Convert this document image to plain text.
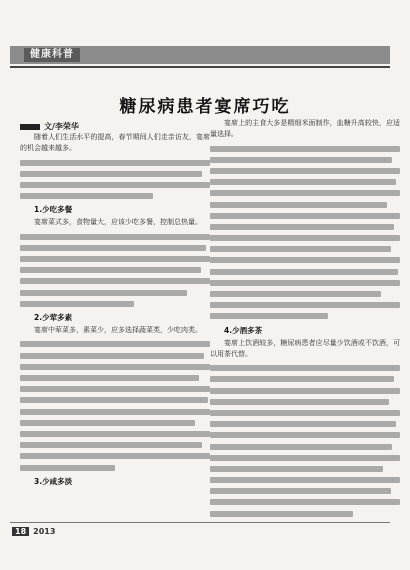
健康科普
糖尿病患者宴席巧吃
文/李荣华

随着人们生活水平的提高，春节期间人们走亲访友，宴席的机会越来越多。

1.少吃多餐

宴席菜式多，食物量大，应该少吃多餐，控制总热量。

2.少荤多素

宴席中荤菜多，素菜少，应多选择蔬菜类，少吃肉类。

3.少咸多淡

宴席上的主食大多是精细米面制作，血糖升高较快，应适量选择。

4.少酒多茶

宴席上饮酒较多，糖尿病患者应尽量少饮酒或不饮酒，可以用茶代替。

18 2013
